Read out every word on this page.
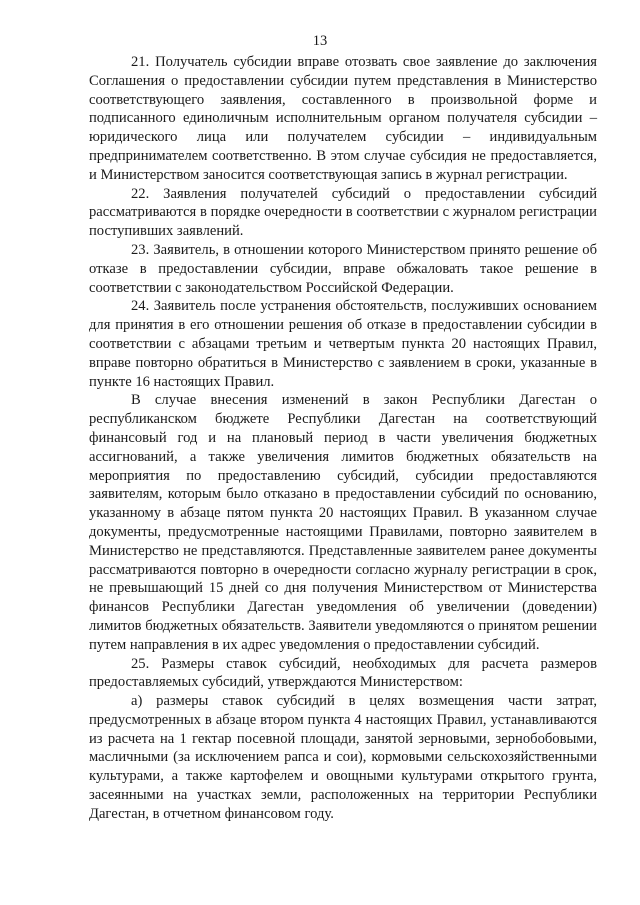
13

21. Получатель субсидии вправе отозвать свое заявление до заключения Соглашения о предоставлении субсидии путем представления в Министерство соответствующего заявления, составленного в произвольной форме и подписанного единоличным исполнительным органом получателя субсидии – юридического лица или получателем субсидии – индивидуальным предпринимателем соответственно. В этом случае субсидия не предоставляется, и Министерством заносится соответствующая запись в журнал регистрации.

22. Заявления получателей субсидий о предоставлении субсидий рассматриваются в порядке очередности в соответствии с журналом регистрации поступивших заявлений.

23. Заявитель, в отношении которого Министерством принято решение об отказе в предоставлении субсидии, вправе обжаловать такое решение в соответствии с законодательством Российской Федерации.

24. Заявитель после устранения обстоятельств, послуживших основанием для принятия в его отношении решения об отказе в предоставлении субсидии в соответствии с абзацами третьим и четвертым пункта 20 настоящих Правил, вправе повторно обратиться в Министерство с заявлением в сроки, указанные в пункте 16 настоящих Правил.

В случае внесения изменений в закон Республики Дагестан о республиканском бюджете Республики Дагестан на соответствующий финансовый год и на плановый период в части увеличения бюджетных ассигнований, а также увеличения лимитов бюджетных обязательств на мероприятия по предоставлению субсидий, субсидии предоставляются заявителям, которым было отказано в предоставлении субсидий по основанию, указанному в абзаце пятом пункта 20 настоящих Правил. В указанном случае документы, предусмотренные настоящими Правилами, повторно заявителем в Министерство не представляются. Представленные заявителем ранее документы рассматриваются повторно в очередности согласно журналу регистрации в срок, не превышающий 15 дней со дня получения Министерством от Министерства финансов Республики Дагестан уведомления об увеличении (доведении) лимитов бюджетных обязательств. Заявители уведомляются о принятом решении путем направления в их адрес уведомления о предоставлении субсидий.

25. Размеры ставок субсидий, необходимых для расчета размеров предоставляемых субсидий, утверждаются Министерством:

а) размеры ставок субсидий в целях возмещения части затрат, предусмотренных в абзаце втором пункта 4 настоящих Правил, устанавливаются из расчета на 1 гектар посевной площади, занятой зерновыми, зернобобовыми, масличными (за исключением рапса и сои), кормовыми сельскохозяйственными культурами, а также картофелем и овощными культурами открытого грунта, засеянными на участках земли, расположенных на территории Республики Дагестан, в отчетном финансовом году.
